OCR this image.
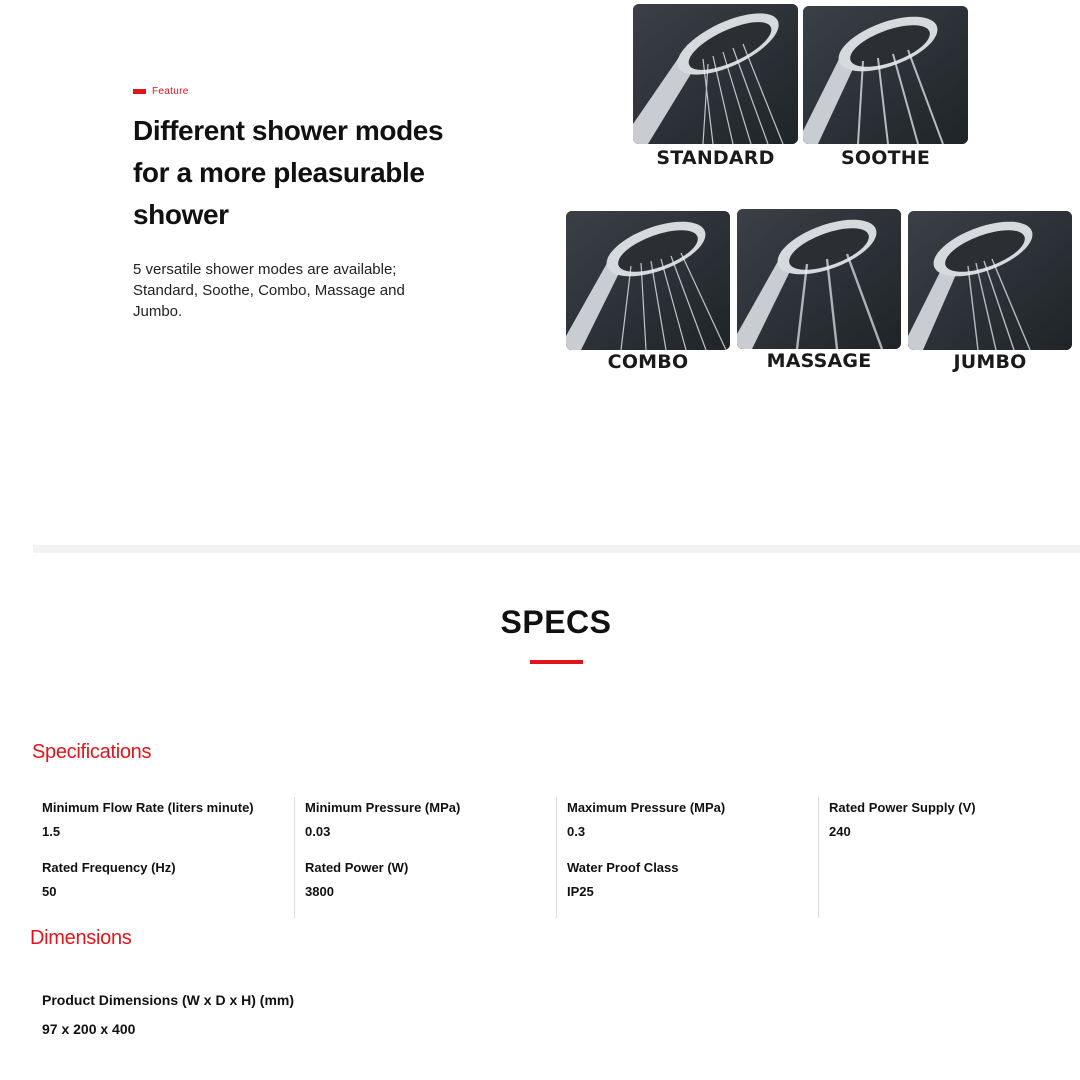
Feature
Different shower modes for a more pleasurable shower

5 versatile shower modes are available; Standard, Soothe, Combo, Massage and Jumbo.

STANDARD	SOOTHE
COMBO	MASSAGE	JUMBO
SPECS
Specifications
Minimum Flow Rate (liters minute)
1.5
Rated Frequency (Hz)
50
Minimum Pressure (MPa)
0.03
Rated Power (W)
3800
Maximum Pressure (MPa)
0.3
Water Proof Class
IP25
Rated Power Supply (V)
240
Dimensions
Product Dimensions (W x D x H) (mm)
97 x 200 x 400
